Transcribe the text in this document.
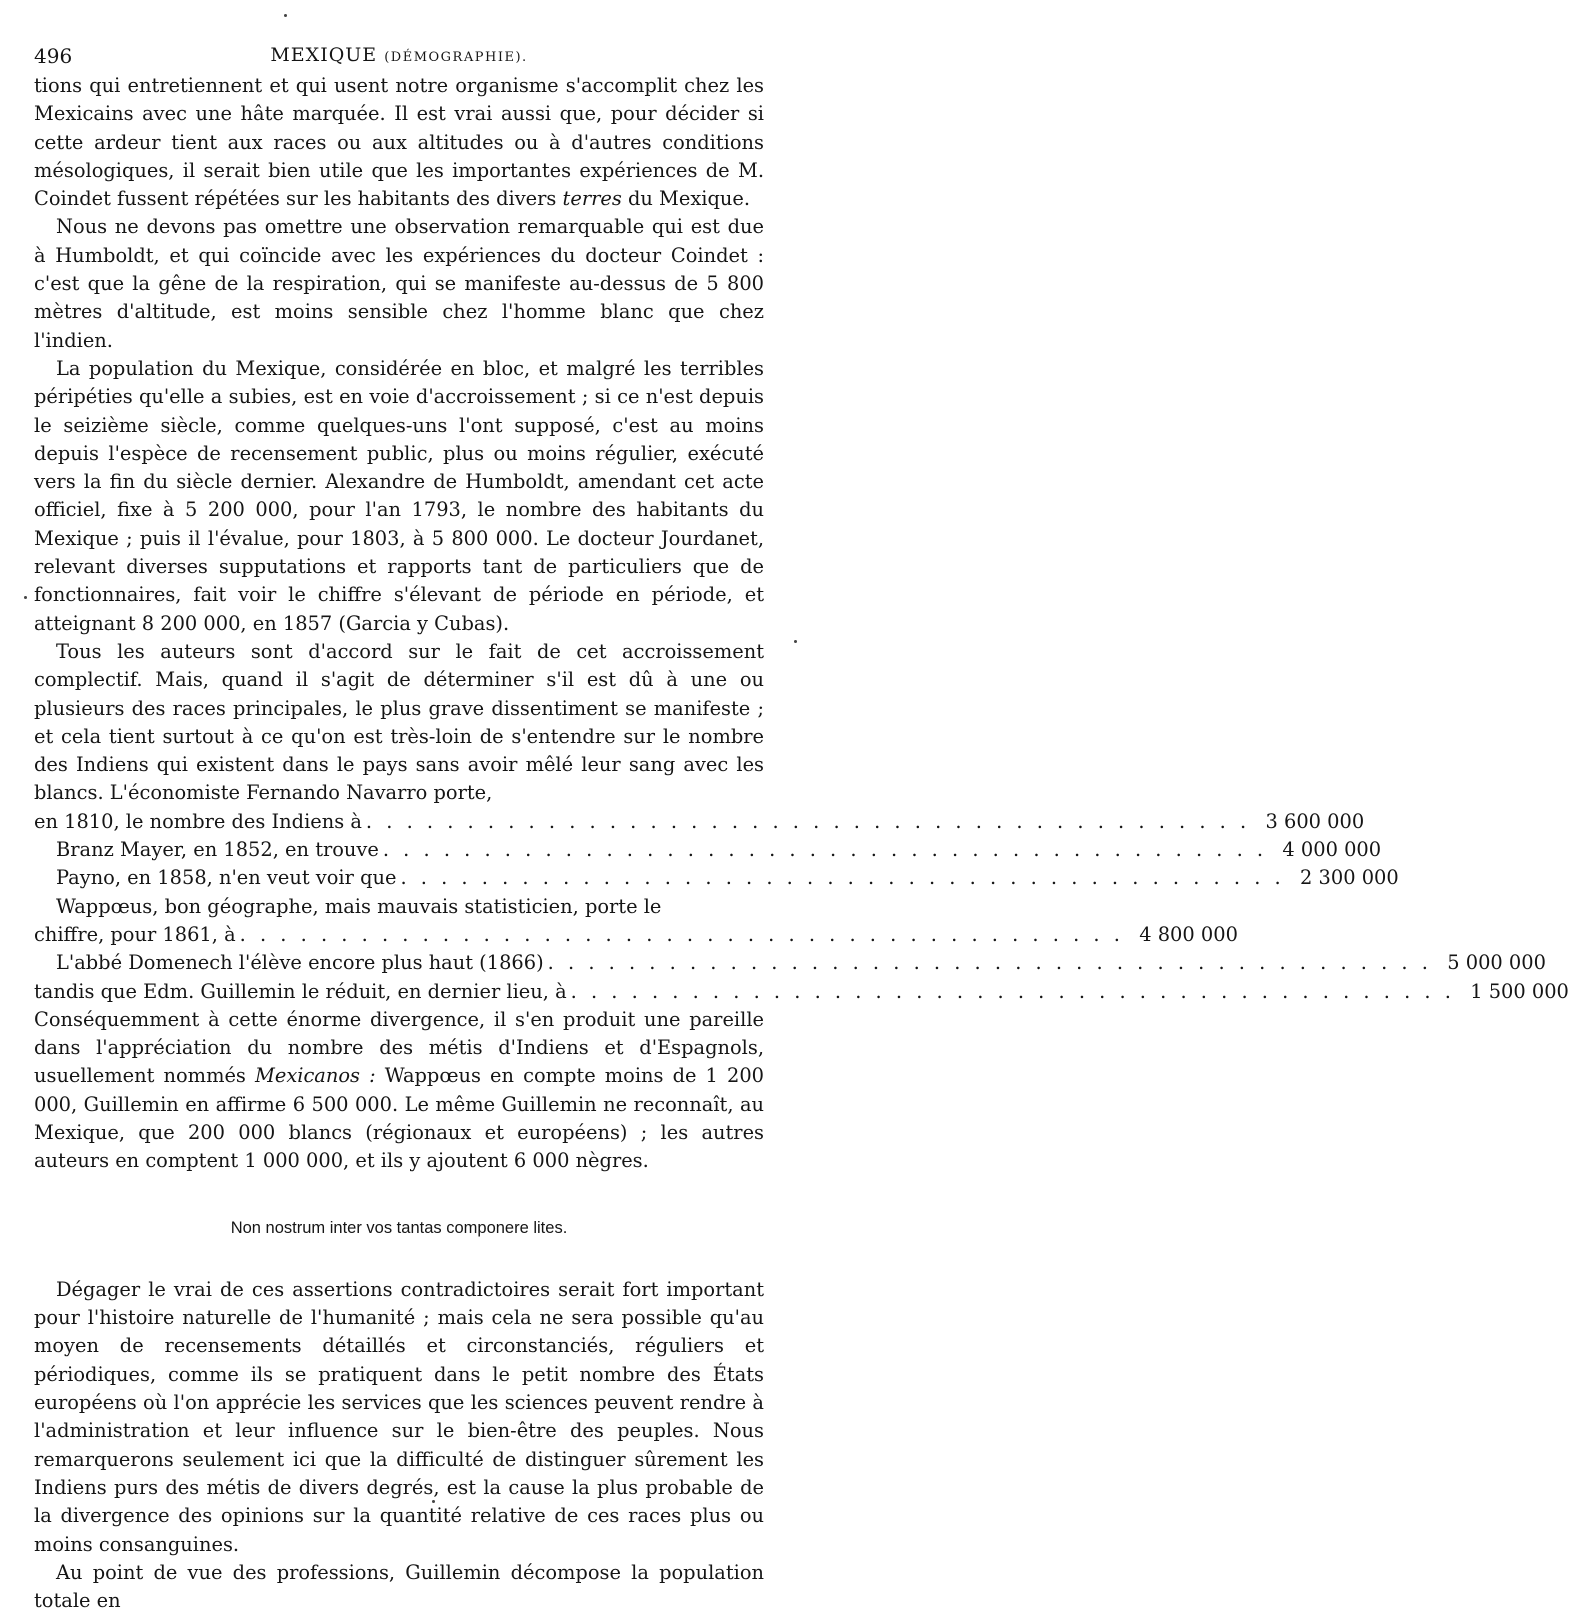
496	MEXIQUE (DÉMOGRAPHIE).

tions qui entretiennent et qui usent notre organisme s'accomplit chez les Mexicains avec une hâte marquée. Il est vrai aussi que, pour décider si cette ardeur tient aux races ou aux altitudes ou à d'autres conditions mésologiques, il serait bien utile que les importantes expériences de M. Coindet fussent répétées sur les habitants des divers terres du Mexique.

Nous ne devons pas omettre une observation remarquable qui est due à Humboldt, et qui coïncide avec les expériences du docteur Coindet : c'est que la gêne de la respiration, qui se manifeste au-dessus de 5 800 mètres d'altitude, est moins sensible chez l'homme blanc que chez l'indien.

La population du Mexique, considérée en bloc, et malgré les terribles péripéties qu'elle a subies, est en voie d'accroissement ; si ce n'est depuis le seizième siècle, comme quelques-uns l'ont supposé, c'est au moins depuis l'espèce de recensement public, plus ou moins régulier, exécuté vers la fin du siècle dernier. Alexandre de Humboldt, amendant cet acte officiel, fixe à 5 200 000, pour l'an 1793, le nombre des habitants du Mexique ; puis il l'évalue, pour 1803, à 5 800 000. Le docteur Jourdanet, relevant diverses supputations et rapports tant de particuliers que de fonctionnaires, fait voir le chiffre s'élevant de période en période, et atteignant 8 200 000, en 1857 (Garcia y Cubas).

Tous les auteurs sont d'accord sur le fait de cet accroissement complectif. Mais, quand il s'agit de déterminer s'il est dû à une ou plusieurs des races principales, le plus grave dissentiment se manifeste ; et cela tient surtout à ce qu'on est très-loin de s'entendre sur le nombre des Indiens qui existent dans le pays sans avoir mêlé leur sang avec les blancs. L'économiste Fernando Navarro porte,

en 1810, le nombre des Indiens à . . . . . . . . . . . . . . . . . . . . . . . . . . . . . . . . . . . . . . . . . . . . 3 600 000
Branz Mayer, en 1852, en trouve . . . . . . . . . . . . . . . . . . . . . . . . . . . . . . . . . . . . . . . . . . . . 4 000 000
Payno, en 1858, n'en veut voir que . . . . . . . . . . . . . . . . . . . . . . . . . . . . . . . . . . . . . . . . . . . . 2 300 000
Wappœus, bon géographe, mais mauvais statisticien, porte le
chiffre, pour 1861, à . . . . . . . . . . . . . . . . . . . . . . . . . . . . . . . . . . . . . . . . . . . . 4 800 000
L'abbé Domenech l'élève encore plus haut (1866) . . . . . . . . . . . . . . . . . . . . . . . . . . . . . . . . . . . . . . . . . . . . 5 000 000
tandis que Edm. Guillemin le réduit, en dernier lieu, à . . . . . . . . . . . . . . . . . . . . . . . . . . . . . . . . . . . . . . . . . . . . 1 500 000

Conséquemment à cette énorme divergence, il s'en produit une pareille dans l'appréciation du nombre des métis d'Indiens et d'Espagnols, usuellement nommés Mexicanos : Wappœus en compte moins de 1 200 000, Guillemin en affirme 6 500 000. Le même Guillemin ne reconnaît, au Mexique, que 200 000 blancs (régionaux et européens) ; les autres auteurs en comptent 1 000 000, et ils y ajoutent 6 000 nègres.

Non nostrum inter vos tantas componere lites.

Dégager le vrai de ces assertions contradictoires serait fort important pour l'histoire naturelle de l'humanité ; mais cela ne sera possible qu'au moyen de recensements détaillés et circonstanciés, réguliers et périodiques, comme ils se pratiquent dans le petit nombre des États européens où l'on apprécie les services que les sciences peuvent rendre à l'administration et leur influence sur le bien-être des peuples. Nous remarquerons seulement ici que la difficulté de distinguer sûrement les Indiens purs des métis de divers degrés, est la cause la plus probable de la divergence des opinions sur la quantité relative de ces races plus ou moins consanguines.

Au point de vue des professions, Guillemin décompose la population totale en
